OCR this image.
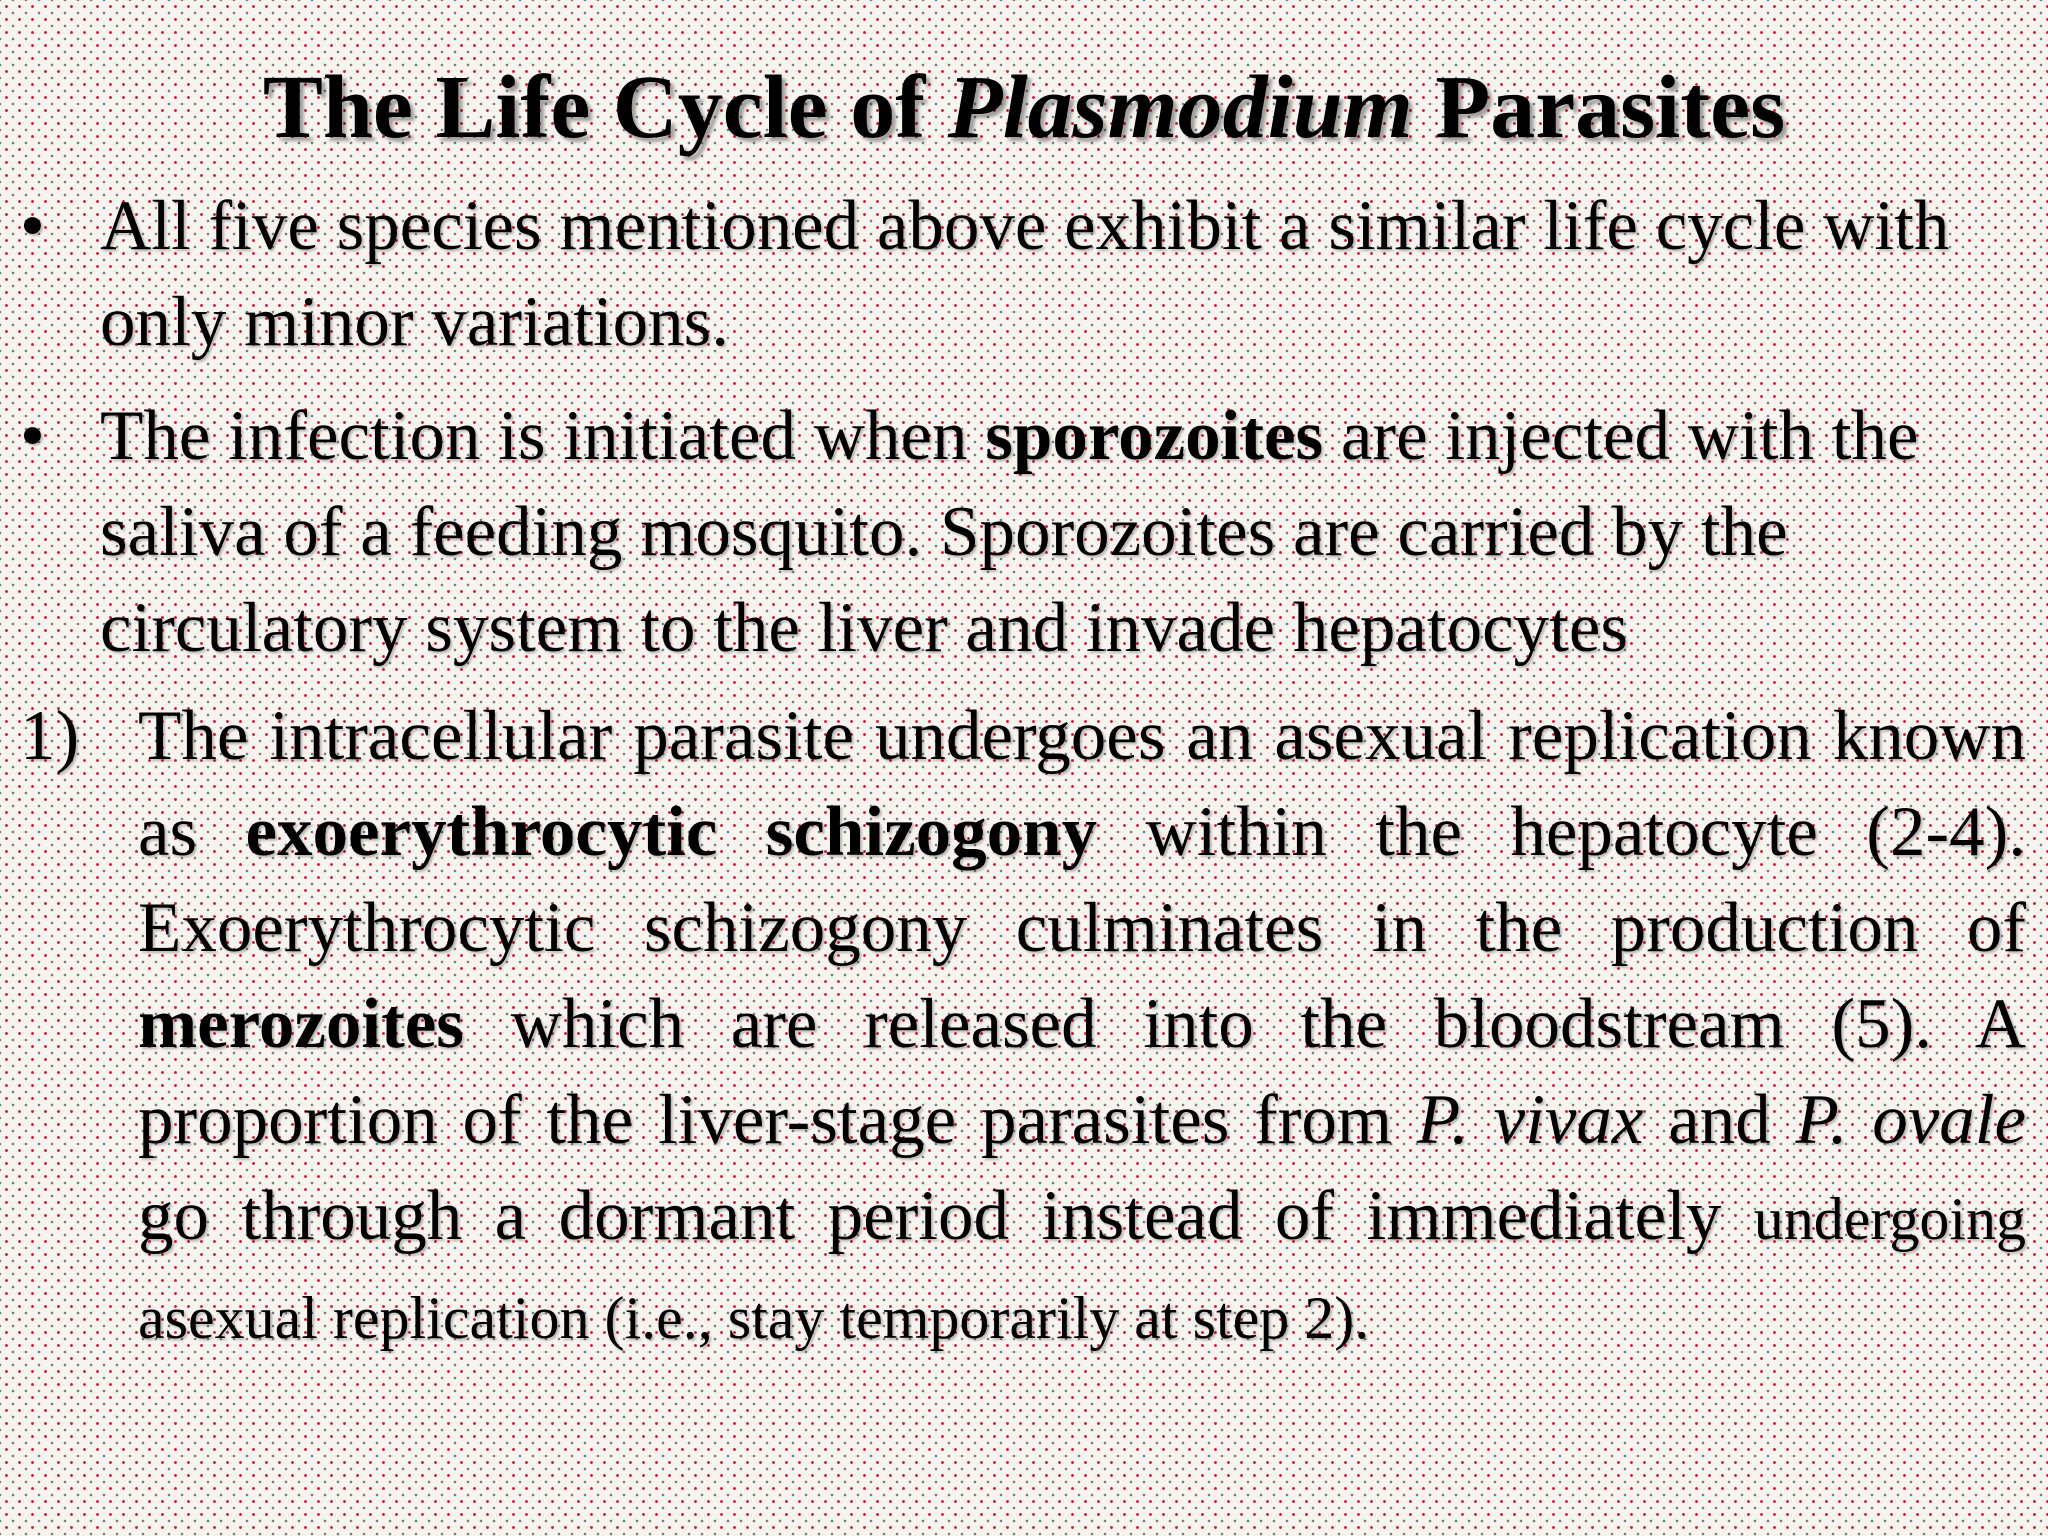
The Life Cycle of Plasmodium Parasites
• All five species mentioned above exhibit a similar life cycle with only minor variations.
• The infection is initiated when sporozoites are injected with the saliva of a feeding mosquito. Sporozoites are carried by the circulatory system to the liver and invade hepatocytes
1) The intracellular parasite undergoes an asexual replication known as exoerythrocytic schizogony within the hepatocyte (2-4). Exoerythrocytic schizogony culminates in the production of merozoites which are released into the bloodstream (5). A proportion of the liver-stage parasites from P. vivax and P. ovale go through a dormant period instead of immediately undergoing asexual replication (i.e., stay temporarily at step 2).
